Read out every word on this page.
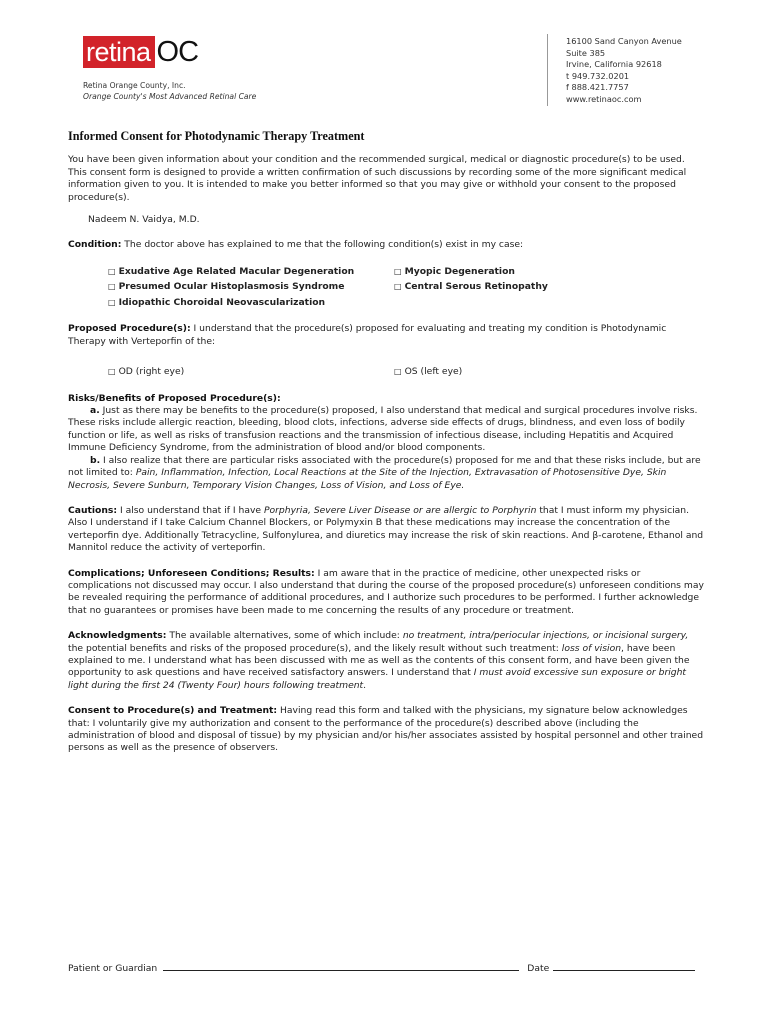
retina OC
Retina Orange County, Inc.
Orange County's Most Advanced Retinal Care
16100 Sand Canyon Avenue
Suite 385
Irvine, California 92618
t 949.732.0201
f 888.421.7757
www.retinaoc.com
Informed Consent for Photodynamic Therapy Treatment

You have been given information about your condition and the recommended surgical, medical or diagnostic procedure(s) to be used. This consent form is designed to provide a written confirmation of such discussions by recording some of the more significant medical information given to you. It is intended to make you better informed so that you may give or withhold your consent to the proposed procedure(s).

Nadeem N. Vaidya, M.D.

Condition: The doctor above has explained to me that the following condition(s) exist in my case:

□ Exudative Age Related Macular Degeneration
□ Presumed Ocular Histoplasmosis Syndrome
□ Idiopathic Choroidal Neovascularization
□ Myopic Degeneration
□ Central Serous Retinopathy

Proposed Procedure(s): I understand that the procedure(s) proposed for evaluating and treating my condition is Photodynamic Therapy with Verteporfin of the:

□ OD (right eye)	□ OS (left eye)

Risks/Benefits of Proposed Procedure(s):

a. Just as there may be benefits to the procedure(s) proposed, I also understand that medical and surgical procedures involve risks. These risks include allergic reaction, bleeding, blood clots, infections, adverse side effects of drugs, blindness, and even loss of bodily function or life, as well as risks of transfusion reactions and the transmission of infectious disease, including Hepatitis and Acquired Immune Deficiency Syndrome, from the administration of blood and/or blood components.

b. I also realize that there are particular risks associated with the procedure(s) proposed for me and that these risks include, but are not limited to: Pain, Inflammation, Infection, Local Reactions at the Site of the Injection, Extravasation of Photosensitive Dye, Skin Necrosis, Severe Sunburn, Temporary Vision Changes, Loss of Vision, and Loss of Eye.

Cautions: I also understand that if I have Porphyria, Severe Liver Disease or are allergic to Porphyrin that I must inform my physician. Also I understand if I take Calcium Channel Blockers, or Polymyxin B that these medications may increase the concentration of the verteporfin dye. Additionally Tetracycline, Sulfonylurea, and diuretics may increase the risk of skin reactions. And β-carotene, Ethanol and Mannitol reduce the activity of verteporfin.

Complications; Unforeseen Conditions; Results: I am aware that in the practice of medicine, other unexpected risks or complications not discussed may occur. I also understand that during the course of the proposed procedure(s) unforeseen conditions may be revealed requiring the performance of additional procedures, and I authorize such procedures to be performed. I further acknowledge that no guarantees or promises have been made to me concerning the results of any procedure or treatment.

Acknowledgments: The available alternatives, some of which include: no treatment, intra/periocular injections, or incisional surgery, the potential benefits and risks of the proposed procedure(s), and the likely result without such treatment: loss of vision, have been explained to me. I understand what has been discussed with me as well as the contents of this consent form, and have been given the opportunity to ask questions and have received satisfactory answers. I understand that I must avoid excessive sun exposure or bright light during the first 24 (Twenty Four) hours following treatment.

Consent to Procedure(s) and Treatment: Having read this form and talked with the physicians, my signature below acknowledges that: I voluntarily give my authorization and consent to the performance of the procedure(s) described above (including the administration of blood and disposal of tissue) by my physician and/or his/her associates assisted by hospital personnel and other trained persons as well as the presence of observers.

Patient or Guardian	Date
